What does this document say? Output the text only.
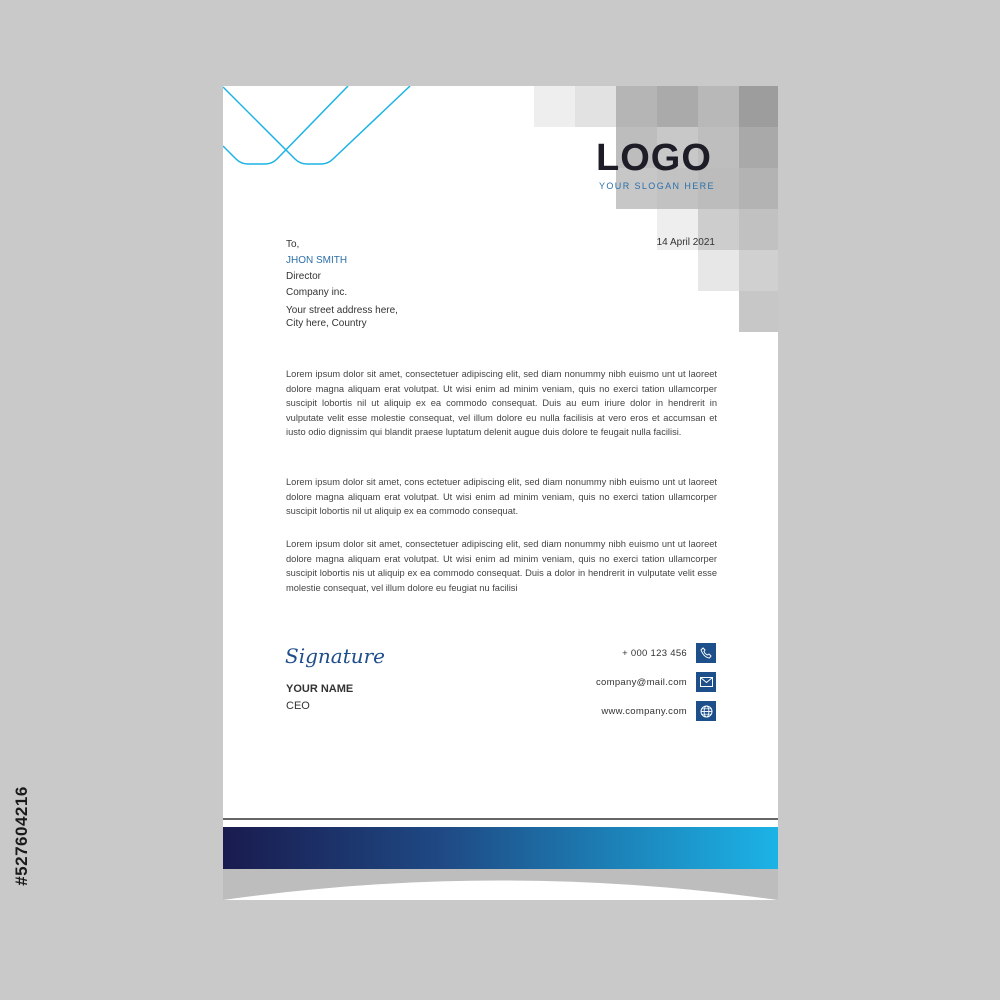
#527604216
LOGO
YOUR SLOGAN HERE
14 April 2021
To,
JHON SMITH
Director
Company inc.
Your street address here,
City here, Country
Lorem ipsum dolor sit amet, consectetuer adipiscing elit, sed diam nonummy nibh euismo unt ut laoreet dolore magna aliquam erat volutpat. Ut wisi enim ad minim veniam, quis no exerci tation ullamcorper suscipit lobortis nil ut aliquip ex ea commodo consequat. Duis au eum iriure dolor in hendrerit in vulputate velit esse molestie consequat, vel illum dolore eu nulla facilisis at vero eros et accumsan et iusto odio dignissim qui blandit praese luptatum delenit augue duis dolore te feugait nulla facilisi.
Lorem ipsum dolor sit amet, cons ectetuer adipiscing elit, sed diam nonummy nibh euismo unt ut laoreet dolore magna aliquam erat volutpat. Ut wisi enim ad minim veniam, quis no exerci tation ullamcorper suscipit lobortis nil ut aliquip ex ea commodo consequat.
Lorem ipsum dolor sit amet, consectetuer adipiscing elit, sed diam nonummy nibh euismo unt ut laoreet dolore magna aliquam erat volutpat. Ut wisi enim ad minim veniam, quis no exerci tation ullamcorper suscipit lobortis nis ut aliquip ex ea commodo consequat. Duis a dolor in hendrerit in vulputate velit esse molestie consequat, vel illum dolore eu feugiat nu facilisi
Signature
YOUR NAME
CEO
+ 000 123 456
company@mail.com
www.company.com
